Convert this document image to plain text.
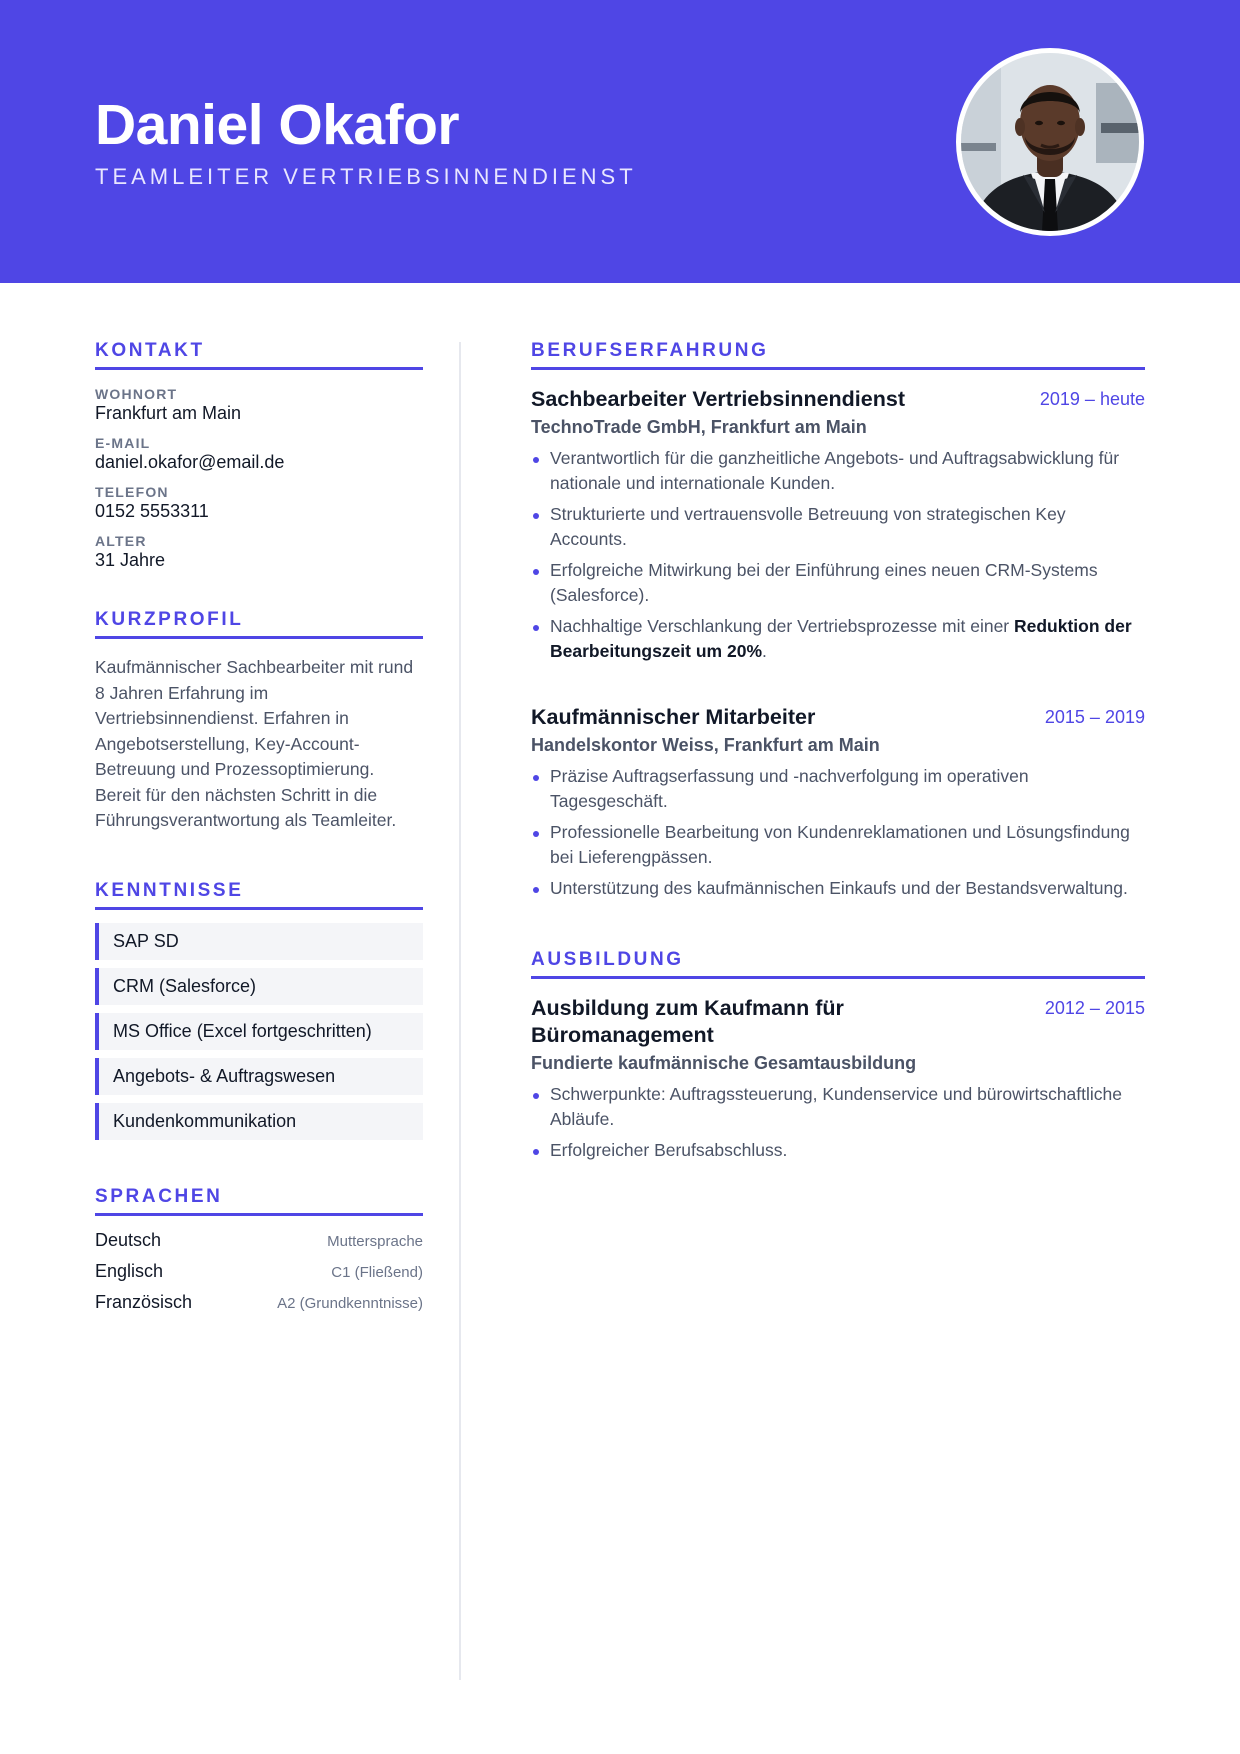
Daniel Okafor
TEAMLEITER VERTRIEBSINNENDIENST
KONTAKT
WOHNORT
Frankfurt am Main
E-MAIL
daniel.okafor@email.de
TELEFON
0152 5553311
ALTER
31 Jahre
KURZPROFIL
Kaufmännischer Sachbearbeiter mit rund 8 Jahren Erfahrung im Vertriebsinnendienst. Erfahren in Angebotserstellung, Key-Account-Betreuung und Prozessoptimierung. Bereit für den nächsten Schritt in die Führungsverantwortung als Teamleiter.
KENNTNISSE
SAP SD
CRM (Salesforce)
MS Office (Excel fortgeschritten)
Angebots- & Auftragswesen
Kundenkommunikation
SPRACHEN
Deutsch	Muttersprache
Englisch	C1 (Fließend)
Französisch	A2 (Grundkenntnisse)
BERUFSERFAHRUNG
Sachbearbeiter Vertriebsinnendienst	2019 – heute
TechnoTrade GmbH, Frankfurt am Main
Verantwortlich für die ganzheitliche Angebots- und Auftragsabwicklung für nationale und internationale Kunden.
Strukturierte und vertrauensvolle Betreuung von strategischen Key Accounts.
Erfolgreiche Mitwirkung bei der Einführung eines neuen CRM-Systems (Salesforce).
Nachhaltige Verschlankung der Vertriebsprozesse mit einer Reduktion der Bearbeitungszeit um 20%.
Kaufmännischer Mitarbeiter	2015 – 2019
Handelskontor Weiss, Frankfurt am Main
Präzise Auftragserfassung und -nachverfolgung im operativen Tagesgeschäft.
Professionelle Bearbeitung von Kundenreklamationen und Lösungsfindung bei Lieferengpässen.
Unterstützung des kaufmännischen Einkaufs und der Bestandsverwaltung.
AUSBILDUNG
Ausbildung zum Kaufmann für Büromanagement
2012 – 2015
Fundierte kaufmännische Gesamtausbildung
Schwerpunkte: Auftragssteuerung, Kundenservice und bürowirtschaftliche Abläufe.
Erfolgreicher Berufsabschluss.
